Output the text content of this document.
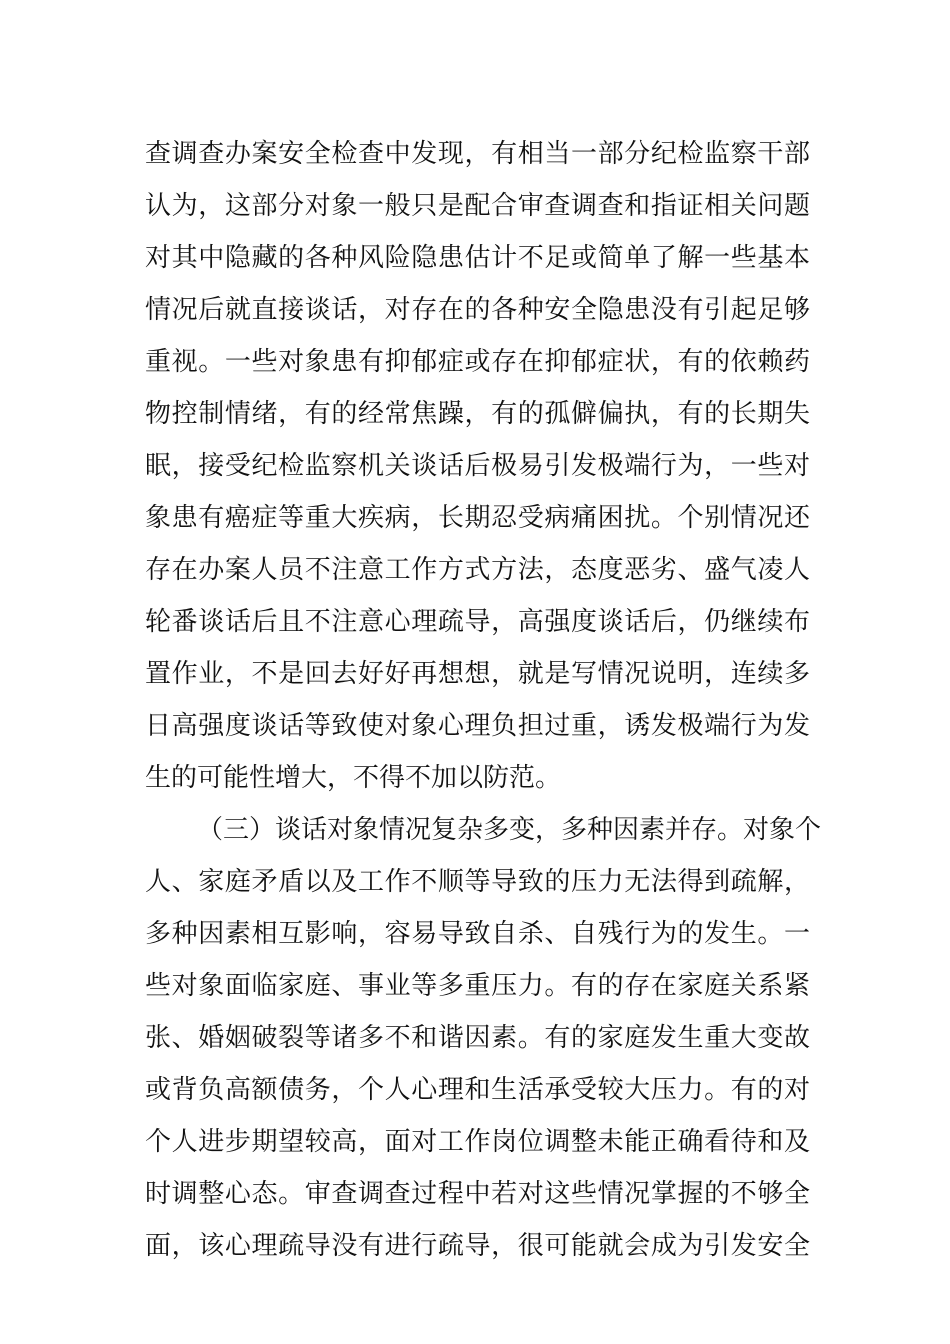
查调查办案安全检查中发现，有相当一部分纪检监察干部
认为，这部分对象一般只是配合审查调查和指证相关问题
对其中隐藏的各种风险隐患估计不足或简单了解一些基本
情况后就直接谈话，对存在的各种安全隐患没有引起足够
重视。一些对象患有抑郁症或存在抑郁症状，有的依赖药
物控制情绪，有的经常焦躁，有的孤僻偏执，有的长期失
眠，接受纪检监察机关谈话后极易引发极端行为，一些对
象患有癌症等重大疾病，长期忍受病痛困扰。个别情况还
存在办案人员不注意工作方式方法，态度恶劣、盛气凌人
轮番谈话后且不注意心理疏导，高强度谈话后，仍继续布
置作业，不是回去好好再想想，就是写情况说明，连续多
日高强度谈话等致使对象心理负担过重，诱发极端行为发
生的可能性增大，不得不加以防范。
（三）谈话对象情况复杂多变，多种因素并存。对象个
人、家庭矛盾以及工作不顺等导致的压力无法得到疏解，
多种因素相互影响，容易导致自杀、自残行为的发生。一
些对象面临家庭、事业等多重压力。有的存在家庭关系紧
张、婚姻破裂等诸多不和谐因素。有的家庭发生重大变故
或背负高额债务，个人心理和生活承受较大压力。有的对
个人进步期望较高，面对工作岗位调整未能正确看待和及
时调整心态。审查调查过程中若对这些情况掌握的不够全
面，该心理疏导没有进行疏导，很可能就会成为引发安全
